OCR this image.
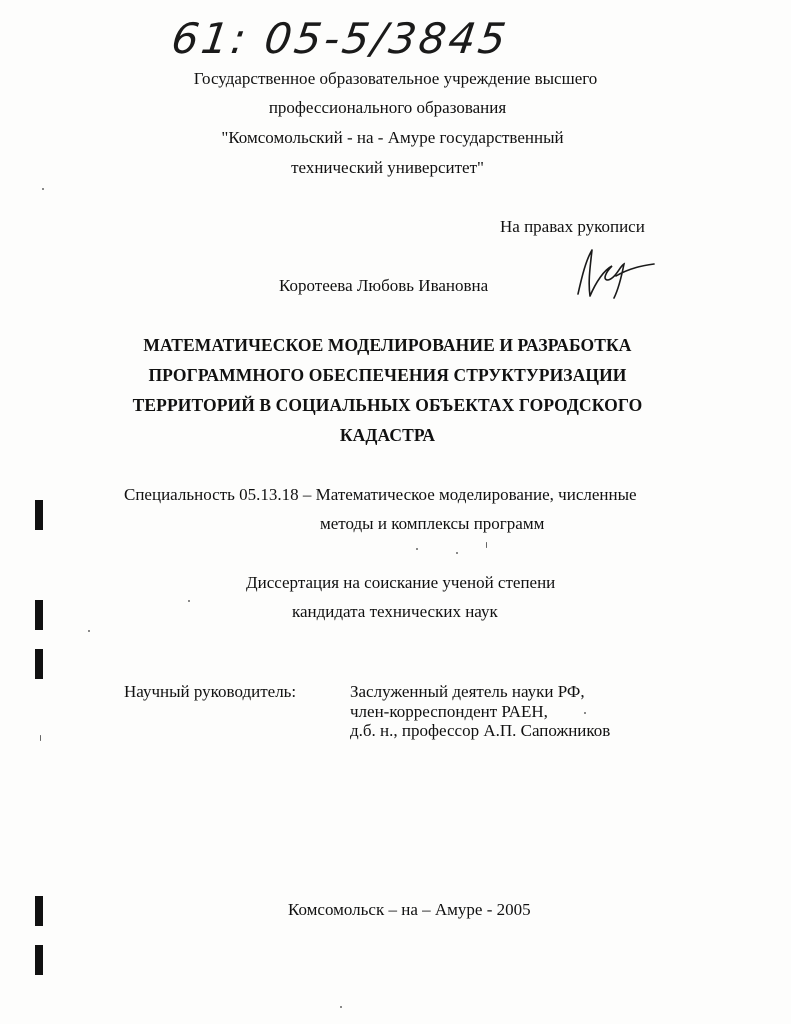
61: 05-5/3845
Государственное образовательное учреждение высшего
профессионального образования
"Комсомольский - на - Амуре государственный
технический университет"
На правах рукописи
Коротеева Любовь Ивановна
МАТЕМАТИЧЕСКОЕ МОДЕЛИРОВАНИЕ И РАЗРАБОТКА
ПРОГРАММНОГО ОБЕСПЕЧЕНИЯ СТРУКТУРИЗАЦИИ
ТЕРРИТОРИЙ В СОЦИАЛЬНЫХ ОБЪЕКТАХ ГОРОДСКОГО
КАДАСТРА
Специальность 05.13.18 – Математическое моделирование, численные
методы и комплексы программ
Диссертация на соискание ученой степени
кандидата технических наук
Научный руководитель:	Заслуженный деятель науки РФ,
член-корреспондент РАЕН,
д.б. н., профессор А.П. Сапожников
Комсомольск – на – Амуре - 2005
